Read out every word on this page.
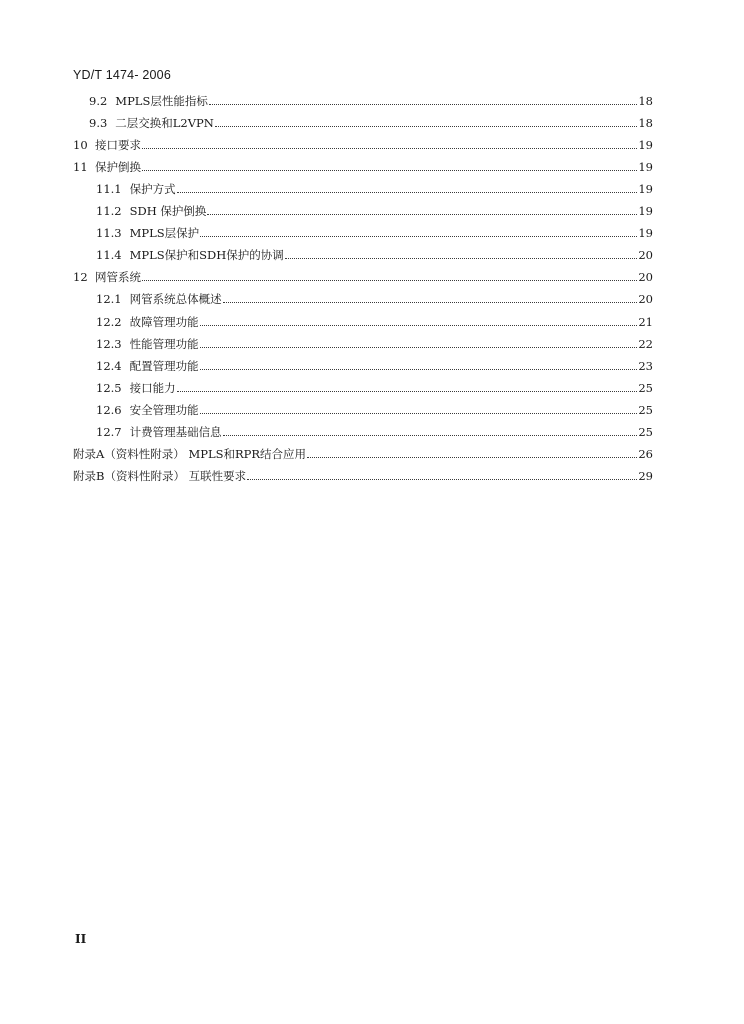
YD/T 1474- 2006
9.2 MPLS层性能指标	18
9.3 二层交换和L2VPN	18
10 接口要求	19
11 保护倒换	19
11.1 保护方式	19
11.2 SDH 保护倒换	19
11.3 MPLS层保护	19
11.4 MPLS保护和SDH保护的协调	20
12 网管系统	20
12.1 网管系统总体概述	20
12.2 故障管理功能	21
12.3 性能管理功能	22
12.4 配置管理功能	23
12.5 接口能力	25
12.6 安全管理功能	25
12.7 计费管理基础信息	25
附录A （资料性附录） MPLS和RPR结合应用	26
附录B （资料性附录） 互联性要求	29
II
